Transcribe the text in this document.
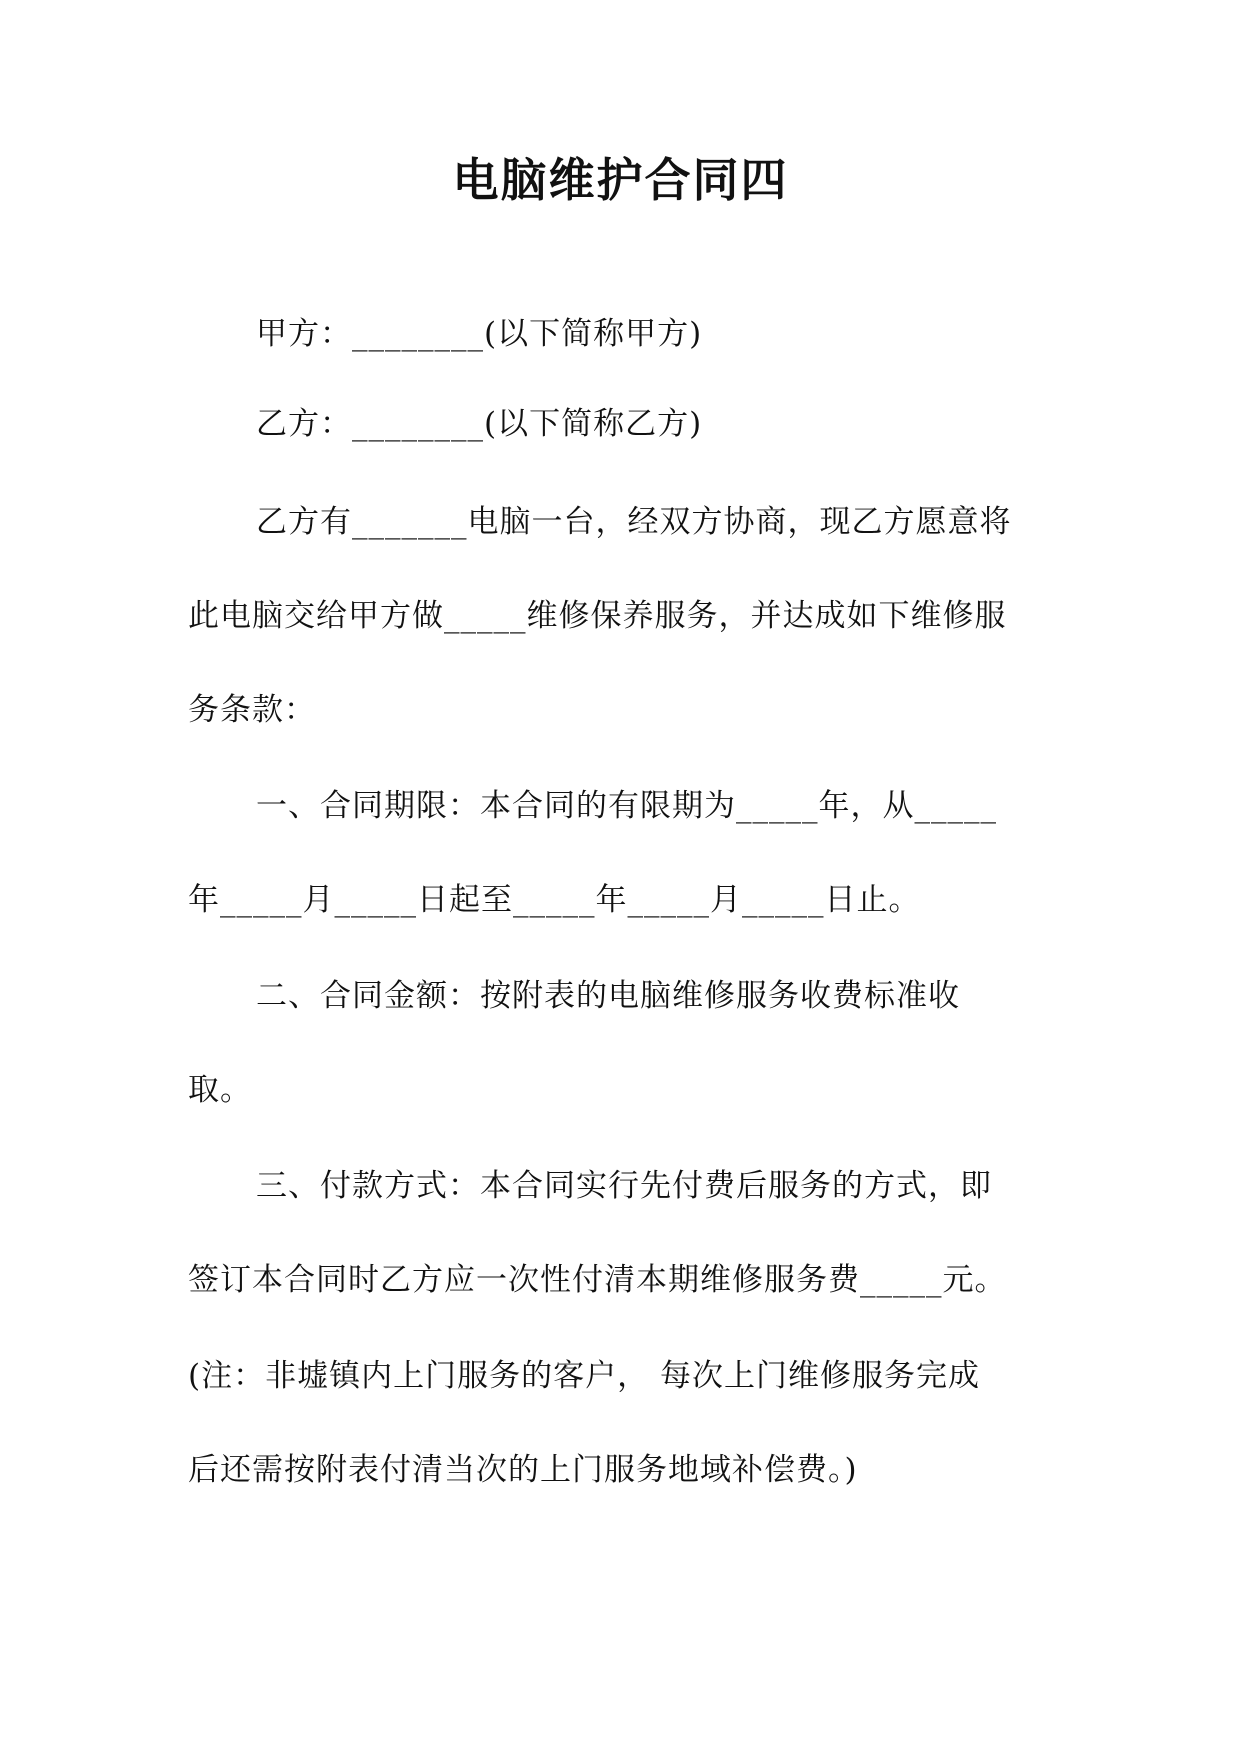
电脑维护合同四

甲方：________(以下简称甲方)

乙方：________(以下简称乙方)

乙方有_______电脑一台，经双方协商，现乙方愿意将

此电脑交给甲方做_____维修保养服务，并达成如下维修服

务条款：

一、合同期限：本合同的有限期为_____年，从_____

年_____月_____日起至_____年_____月_____日止。

二、合同金额：按附表的电脑维修服务收费标准收

取。

三、付款方式：本合同实行先付费后服务的方式，即

签订本合同时乙方应一次性付清本期维修服务费_____元。

(注：非墟镇内上门服务的客户， 每次上门维修服务完成

后还需按附表付清当次的上门服务地域补偿费。)
